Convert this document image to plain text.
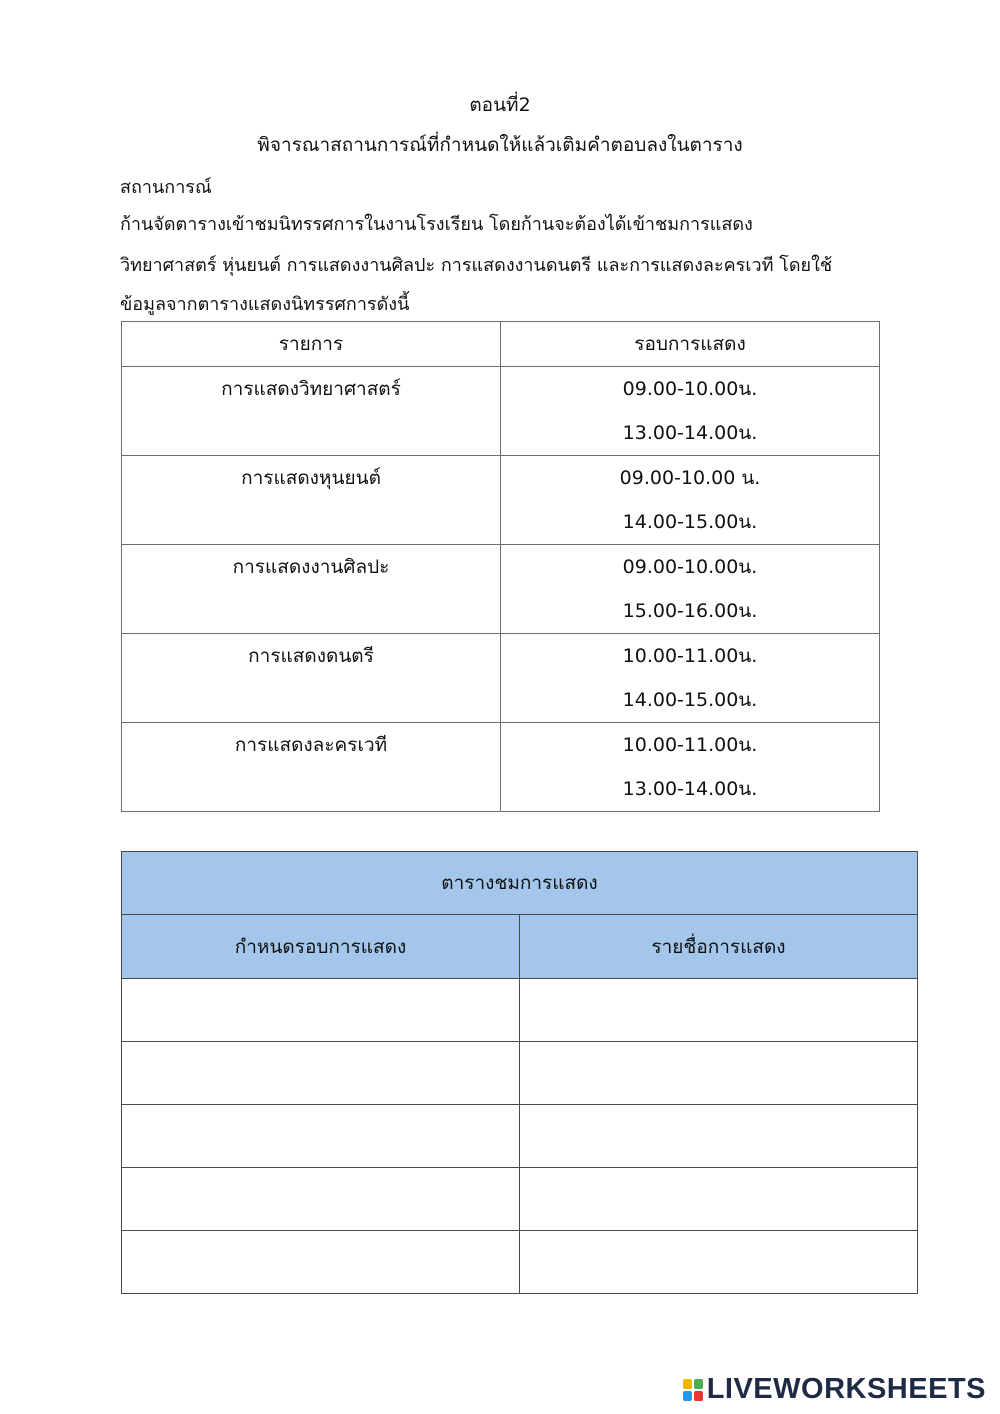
ตอนที่2
พิจารณาสถานการณ์ที่กำหนดให้แล้วเติมคำตอบลงในตาราง
สถานการณ์
ก้านจัดตารางเข้าชมนิทรรศการในงานโรงเรียน โดยก้านจะต้องได้เข้าชมการแสดง
วิทยาศาสตร์ หุ่นยนต์ การแสดงงานศิลปะ การแสดงงานดนตรี และการแสดงละครเวที โดยใช้
ข้อมูลจากตารางแสดงนิทรรศการดังนี้
รายการ	รอบการแสดง

การแสดงวิทยาศาสตร์	09.00-10.00น.
13.00-14.00น.

การแสดงหุนยนต์	09.00-10.00 น.
14.00-15.00น.

การแสดงงานศิลปะ	09.00-10.00น.
15.00-16.00น.

การแสดงดนตรี	10.00-11.00น.
14.00-15.00น.

การแสดงละครเวที	10.00-11.00น.
13.00-14.00น.
ตารางชมการแสดง	
กำหนดรอบการแสดง	รายชื่อการแสดง

LIVEWORKSHEETS
